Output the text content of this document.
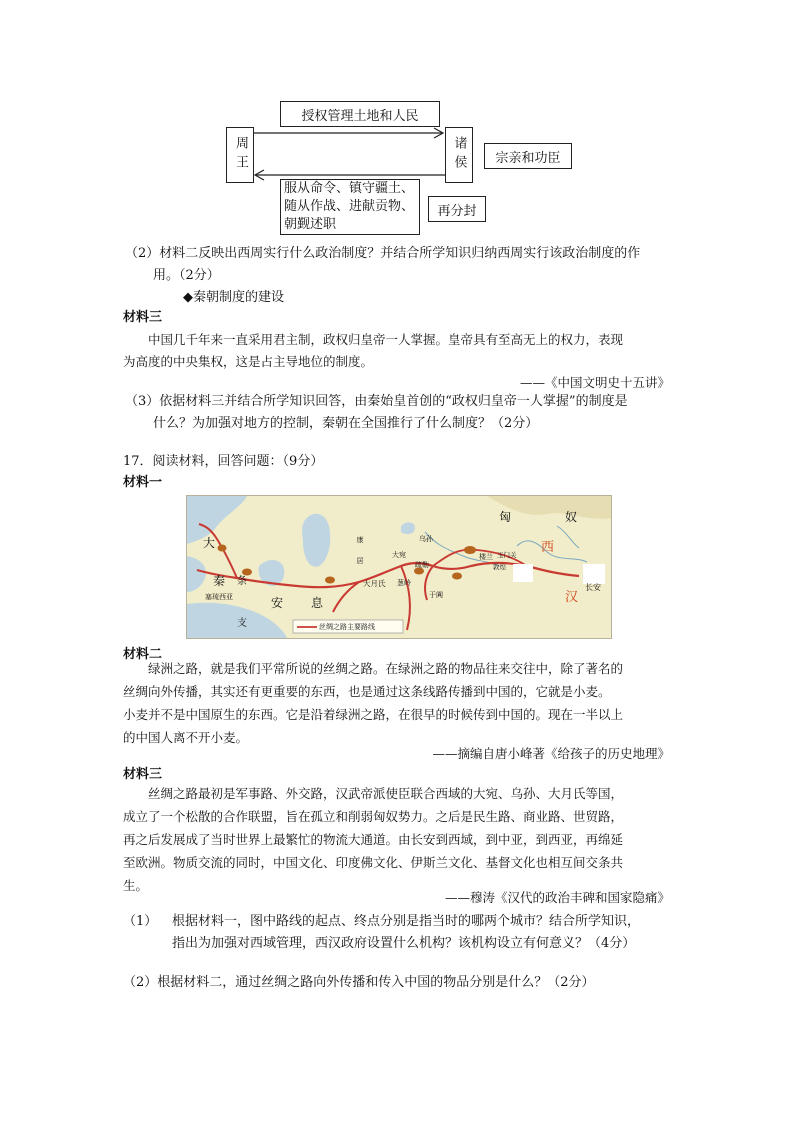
授权管理土地和人民
周王	诸侯	宗亲和功臣
服从命令、镇守疆土、
随从作战、进献贡物、
朝觐述职
再分封
（2）材料二反映出西周实行什么政治制度？并结合所学知识归纳西周实行该政治制度的作
用。（2分）
◆秦朝制度的建设
材料三
中国几千年来一直采用君主制，政权归皇帝一人掌握。皇帝具有至高无上的权力，表现
为高度的中央集权，这是占主导地位的制度。
——《中国文明史十五讲》
（3）依据材料三并结合所学知识回答，由秦始皇首创的“政权归皇帝一人掌握”的制度是
什么？为加强对地方的控制，秦朝在全国推行了什么制度？（2分）
17．阅读材料，回答问题：（9分）
材料一
匈	奴
大
秦
安 息
支
条
康居	大宛
乌孙
疏勒
大月氏 葱岭
于阗
楼兰 玉门关
敦煌
西
汉
长安
塞琉西亚
丝绸之路主要路线
材料二
绿洲之路，就是我们平常所说的丝绸之路。在绿洲之路的物品往来交往中，除了著名的
丝绸向外传播，其实还有更重要的东西，也是通过这条线路传播到中国的，它就是小麦。
小麦并不是中国原生的东西。它是沿着绿洲之路，在很早的时候传到中国的。现在一半以上
的中国人离不开小麦。
——摘编自唐小峰著《给孩子的历史地理》
材料三
丝绸之路最初是军事路、外交路，汉武帝派使臣联合西域的大宛、乌孙、大月氏等国，
成立了一个松散的合作联盟，旨在孤立和削弱匈奴势力。之后是民生路、商业路、世贸路，
再之后发展成了当时世界上最繁忙的物流大通道。由长安到西域，到中亚，到西亚，再绵延
至欧洲。物质交流的同时，中国文化、印度佛文化、伊斯兰文化、基督文化也相互间交条共
生。
——穆涛《汉代的政治丰碑和国家隐痛》
（1） 根据材料一，图中路线的起点、终点分别是指当时的哪两个城市？结合所学知识，
指出为加强对西域管理，西汉政府设置什么机构？该机构设立有何意义？（4分）
（2）根据材料二，通过丝绸之路向外传播和传入中国的物品分别是什么？（2分）
